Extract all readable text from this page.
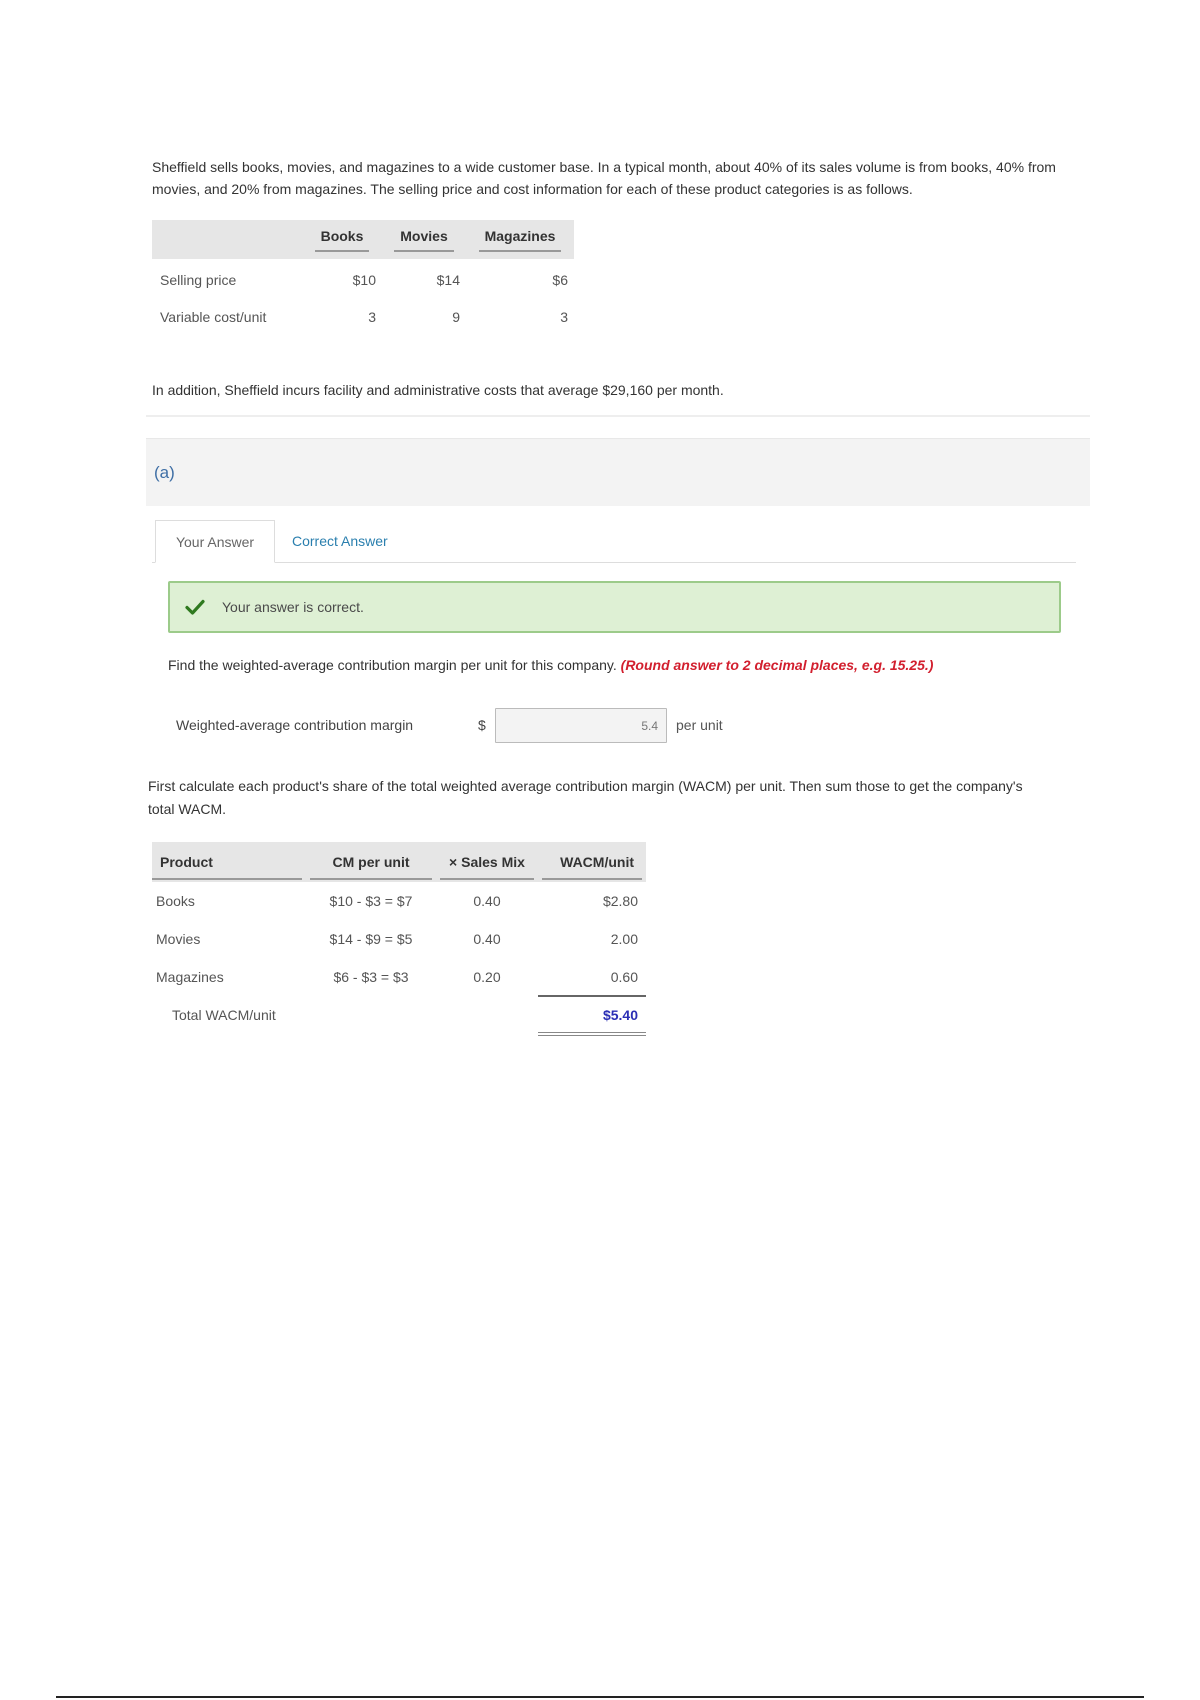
Sheffield sells books, movies, and magazines to a wide customer base. In a typical month, about 40% of its sales volume is from books, 40% from movies, and 20% from magazines. The selling price and cost information for each of these product categories is as follows.

	Books	Movies	Magazines
Selling price	$10	$14	$6
Variable cost/unit	3	9	3

In addition, Sheffield incurs facility and administrative costs that average $29,160 per month.

(a)
Your Answer	Correct Answer
Your answer is correct.

Find the weighted-average contribution margin per unit for this company. (Round answer to 2 decimal places, e.g. 15.25.)

Weighted-average contribution margin	$
5.4	per unit

First calculate each product's share of the total weighted average contribution margin (WACM) per unit. Then sum those to get the company's total WACM.

Product	CM per unit	× Sales Mix	WACM/unit

Books	$10 - $3 = $7	0.40	$2.80
Movies	$14 - $9 = $5	0.40	2.00
Magazines	$6 - $3 = $3	0.20	0.60
Total WACM/unit			$5.40
